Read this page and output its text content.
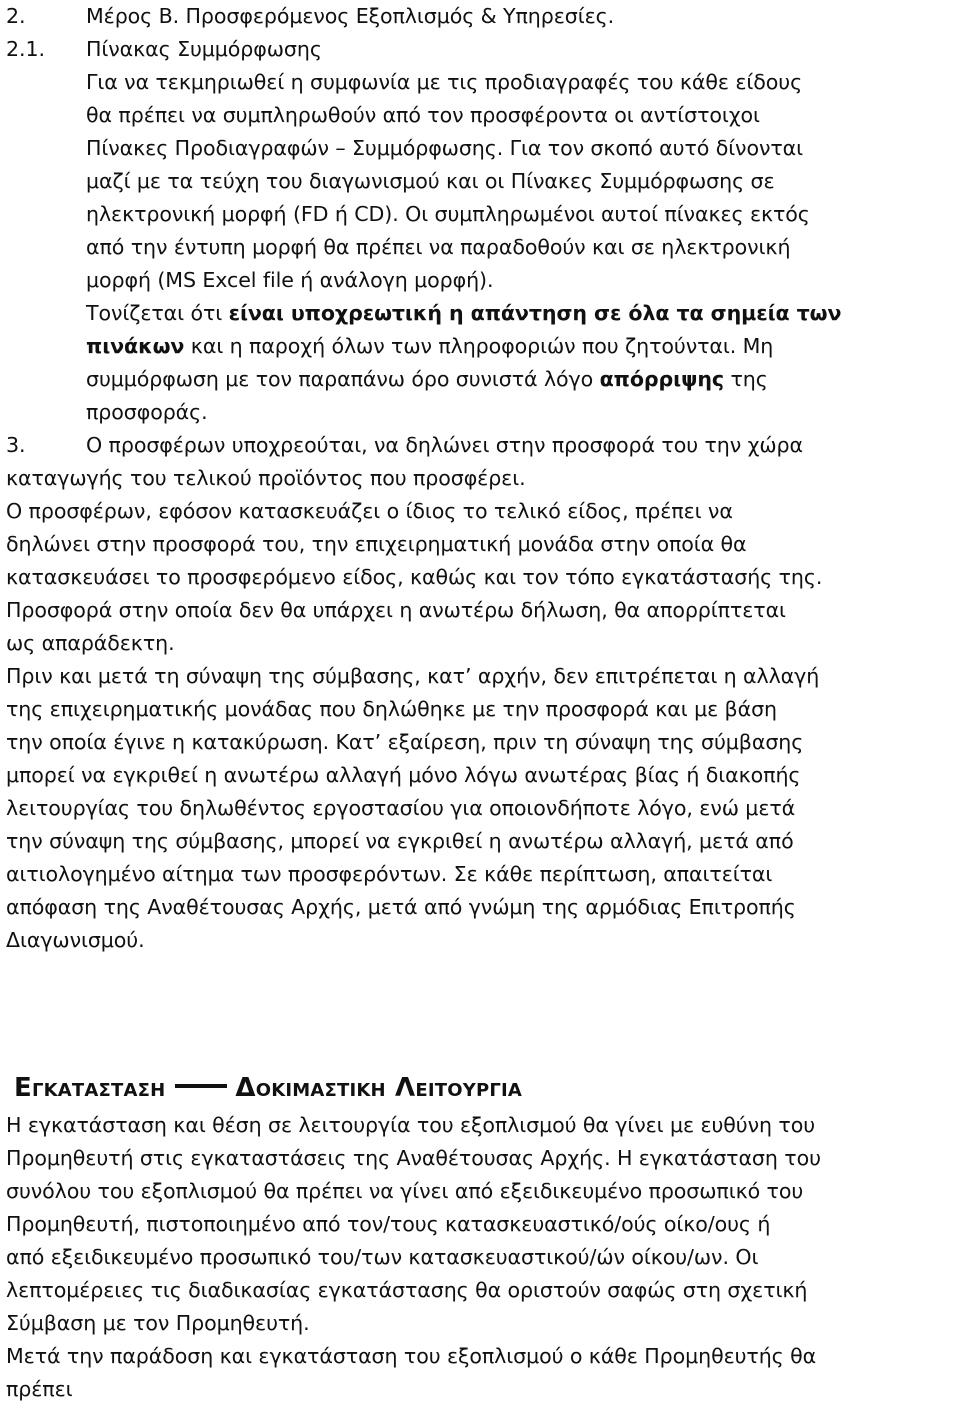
2.	Μέρος Β. Προσφερόμενος Εξοπλισμός & Υπηρεσίες.
2.1. Πίνακας Συμμόρφωσης
Για να τεκμηριωθεί η συμφωνία με τις προδιαγραφές του κάθε είδους
θα πρέπει να συμπληρωθούν από τον προσφέροντα οι αντίστοιχοι
Πίνακες Προδιαγραφών – Συμμόρφωσης. Για τον σκοπό αυτό δίνονται
μαζί με τα τεύχη του διαγωνισμού και οι Πίνακες Συμμόρφωσης σε
ηλεκτρονική μορφή (FD ή CD). Οι συμπληρωμένοι αυτοί πίνακες εκτός
από την έντυπη μορφή θα πρέπει να παραδοθούν και σε ηλεκτρονική
μορφή (MS Excel file ή ανάλογη μορφή).
Τονίζεται ότι είναι υποχρεωτική η απάντηση σε όλα τα σημεία των
πινάκων και η παροχή όλων των πληροφοριών που ζητούνται. Μη
συμμόρφωση με τον παραπάνω όρο συνιστά λόγο απόρριψης της
προσφοράς.
3.	Ο προσφέρων υποχρεούται, να δηλώνει στην προσφορά του την χώρα
καταγωγής του τελικού προϊόντος που προσφέρει.
Ο προσφέρων, εφόσον κατασκευάζει ο ίδιος το τελικό είδος, πρέπει να
δηλώνει στην προσφορά του, την επιχειρηματική μονάδα στην οποία θα
κατασκευάσει το προσφερόμενο είδος, καθώς και τον τόπο εγκατάστασής της.
Προσφορά στην οποία δεν θα υπάρχει η ανωτέρω δήλωση, θα απορρίπτεται
ως απαράδεκτη.
Πριν και μετά τη σύναψη της σύμβασης, κατ’ αρχήν, δεν επιτρέπεται η αλλαγή
της επιχειρηματικής μονάδας που δηλώθηκε με την προσφορά και με βάση
την οποία έγινε η κατακύρωση. Κατ’ εξαίρεση, πριν τη σύναψη της σύμβασης
μπορεί να εγκριθεί η ανωτέρω αλλαγή μόνο λόγω ανωτέρας βίας ή διακοπής
λειτουργίας του δηλωθέντος εργοστασίου για οποιονδήποτε λόγο, ενώ μετά
την σύναψη της σύμβασης, μπορεί να εγκριθεί η ανωτέρω αλλαγή, μετά από
αιτιολογημένο αίτημα των προσφερόντων. Σε κάθε περίπτωση, απαιτείται
απόφαση της Αναθέτουσας Αρχής, μετά από γνώμη της αρμόδιας Επιτροπής
Διαγωνισμού.
Εγκατασταση	Δοκιμαστικη Λειτουργια
Η εγκατάσταση και θέση σε λειτουργία του εξοπλισμού θα γίνει με ευθύνη του
Προμηθευτή στις εγκαταστάσεις της Αναθέτουσας Αρχής. Η εγκατάσταση του
συνόλου του εξοπλισμού θα πρέπει να γίνει από εξειδικευμένο προσωπικό του
Προμηθευτή, πιστοποιημένο από τον/τους κατασκευαστικό/ούς οίκο/ους ή
από εξειδικευμένο προσωπικό του/των κατασκευαστικού/ών οίκου/ων. Οι
λεπτομέρειες τις διαδικασίας εγκατάστασης θα οριστούν σαφώς στη σχετική
Σύμβαση με τον Προμηθευτή.
Μετά την παράδοση και εγκατάσταση του εξοπλισμού ο κάθε Προμηθευτής θα
πρέπει
